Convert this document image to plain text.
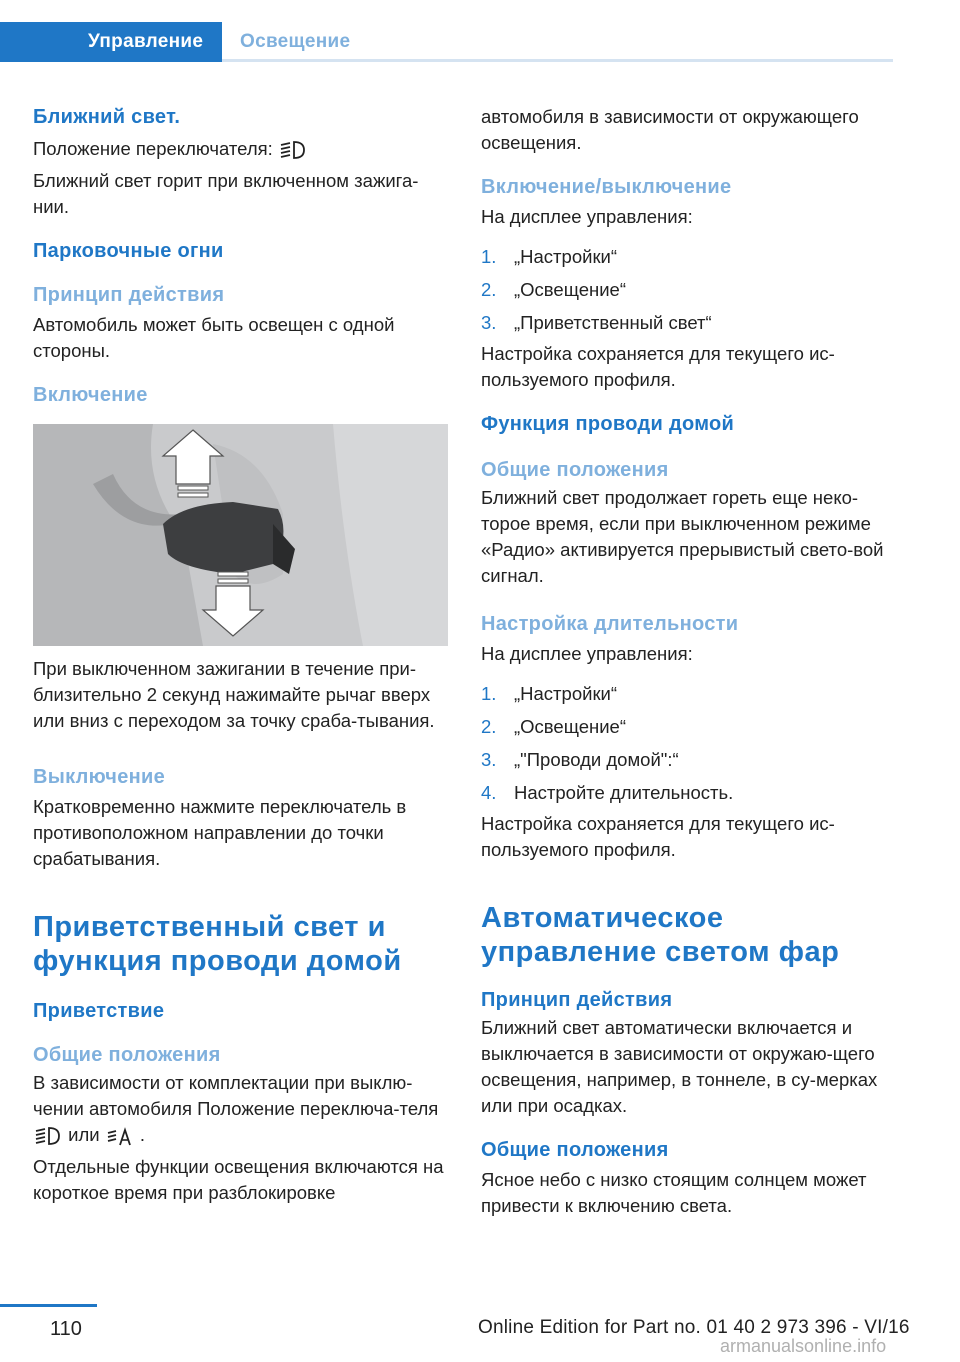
Управление	Освещение
Ближний свет.
Положение переключателя:
Ближний свет горит при включенном зажига-нии.
Парковочные огни
Принцип действия
Автомобиль может быть освещен с одной стороны.
Включение
При выключенном зажигании в течение при-близительно 2 секунд нажимайте рычаг вверх или вниз с переходом за точку сраба-тывания.
Выключение
Кратковременно нажмите переключатель в противоположном направлении до точки срабатывания.
Приветственный свет и функция проводи домой
Приветствие
Общие положения
В зависимости от комплектации при выклю-чении автомобиля Положение переключа-теля  или .
Отдельные функции освещения включаются на короткое время при разблокировке
автомобиля в зависимости от окружающего освещения.
Включение/выключение
На дисплее управления:
1. „Настройки“
2. „Освещение“
3. „Приветственный свет“
Настройка сохраняется для текущего ис-пользуемого профиля.
Функция проводи домой
Общие положения
Ближний свет продолжает гореть еще неко-торое время, если при выключенном режиме «Радио» активируется прерывистый свето-вой сигнал.
Настройка длительности
На дисплее управления:
1. „Настройки“
2. „Освещение“
3. „"Проводи домой":“
4. Настройте длительность.
Настройка сохраняется для текущего ис-пользуемого профиля.
Автоматическое управление светом фар
Принцип действия
Ближний свет автоматически включается и выключается в зависимости от окружаю-щего освещения, например, в тоннеле, в су-мерках или при осадках.
Общие положения
Ясное небо с низко стоящим солнцем может привести к включению света.
110	Online Edition for Part no. 01 40 2 973 396 - VI/16
armanualsonline.info
